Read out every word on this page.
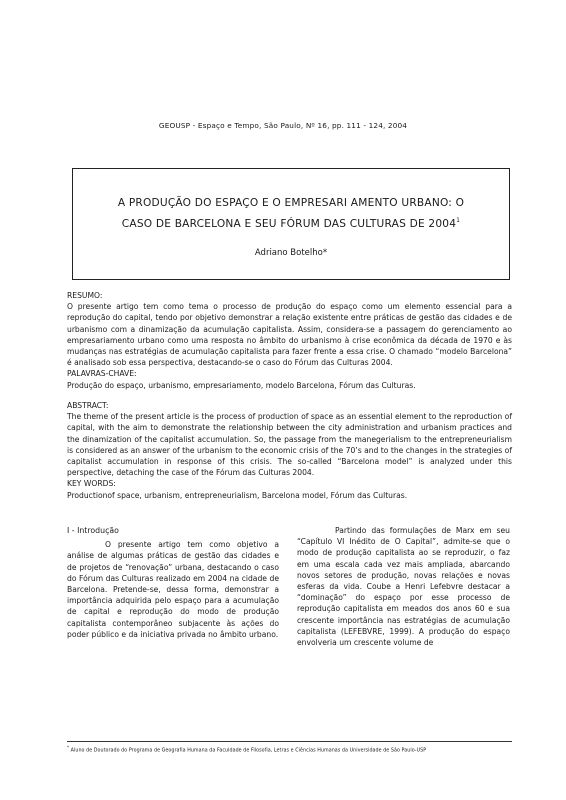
GEOUSP - Espaço e Tempo, São Paulo, Nº 16, pp. 111 - 124, 2004
A PRODUÇÃO DO ESPAÇO E O EMPRESARI AMENTO URBANO: O
CASO DE BARCELONA E SEU FÓRUM DAS CULTURAS DE 2004$^1$
Adriano Botelho*
RESUMO:
O presente artigo tem como tema o processo de produção do espaço como um elemento essencial para a reprodução do capital, tendo por objetivo demonstrar a relação existente entre práticas de gestão das cidades e de urbanismo com a dinamização da acumulação capitalista. Assim, considera-se a passagem do gerenciamento ao empresariamento urbano como uma resposta no âmbito do urbanismo à crise econômica da década de 1970 e às mudanças nas estratégias de acumulação capitalista para fazer frente a essa crise. O chamado “modelo Barcelona” é analisado sob essa perspectiva, destacando-se o caso do Fórum das Culturas 2004.
PALAVRAS-CHAVE:
Produção do espaço, urbanismo, empresariamento, modelo Barcelona, Fórum das Culturas.
ABSTRACT:
The theme of the present article is the process of production of space as an essential element to the reproduction of capital, with the aim to demonstrate the relationship between the city administration and urbanism practices and the dinamization of the capitalist accumulation. So, the passage from the manegerialism to the entrepreneurialism is considered as an answer of the urbanism to the economic crisis of the 70’s and to the changes in the strategies of capitalist accumulation in response of this crisis. The so-called “Barcelona model” is analyzed under this perspective, detaching the case of the Fórum das Culturas 2004.
KEY WORDS:
Productionof space, urbanism, entrepreneurialism, Barcelona model, Fórum das Culturas.
I - Introdução

O presente artigo tem como objetivo a análise de algumas práticas de gestão das cidades e de projetos de “renovação” urbana, destacando o caso do Fórum das Culturas realizado em 2004 na cidade de Barcelona. Pretende-se, dessa forma, demonstrar a importância adquirida pelo espaço para a acumulação de capital e reprodução do modo de produção capitalista contemporâneo subjacente às ações do poder público e da iniciativa privada no âmbito urbano.

Partindo das formulações de Marx em seu “Capítulo VI Inédito de O Capital”, admite-se que o modo de produção capitalista ao se reproduzir, o faz em uma escala cada vez mais ampliada, abarcando novos setores de produção, novas relações e novas esferas da vida. Coube a Henri Lefebvre destacar a “dominação” do espaço por esse processo de reprodução capitalista em meados dos anos 60 e sua crescente importância nas estratégias de acumulação capitalista (LEFEBVRE, 1999). A produção do espaço envolveria um crescente volume de

* Aluno de Doutorado do Programa de Geografia Humana da Faculdade de Filosofia, Letras e Ciências Humanas da Universidade de São Paulo-USP
